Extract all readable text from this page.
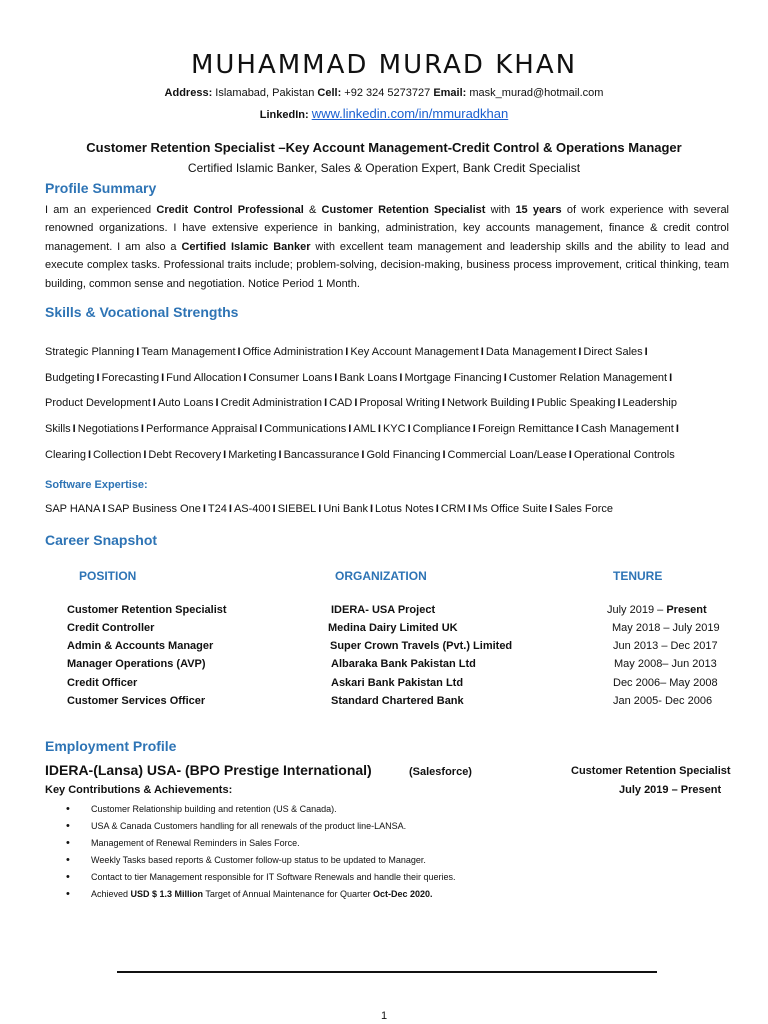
MUHAMMAD MURAD KHAN
Address: Islamabad, Pakistan Cell: +92 324 5273727 Email: mask_murad@hotmail.com
LinkedIn: www.linkedin.com/in/mmuradkhan
Customer Retention Specialist –Key Account Management-Credit Control & Operations Manager
Certified Islamic Banker, Sales & Operation Expert, Bank Credit Specialist
Profile Summary
I am an experienced Credit Control Professional & Customer Retention Specialist with 15 years of work experience with several renowned organizations. I have extensive experience in banking, administration, key accounts management, finance & credit control management. I am also a Certified Islamic Banker with excellent team management and leadership skills and the ability to lead and execute complex tasks. Professional traits include; problem-solving, decision-making, business process improvement, critical thinking, team building, common sense and negotiation. Notice Period 1 Month.
Skills & Vocational Strengths
Strategic Planning I Team Management I Office Administration I Key Account Management I Data Management I Direct Sales I
Budgeting I Forecasting I Fund Allocation I Consumer Loans I Bank Loans I Mortgage Financing I Customer Relation Management I
Product Development I Auto Loans I Credit Administration I CAD I Proposal Writing I Network Building I Public Speaking I Leadership
Skills I Negotiations I Performance Appraisal I Communications I AML I KYC I Compliance I Foreign Remittance I Cash Management I
Clearing I Collection I Debt Recovery I Marketing I Bancassurance I Gold Financing I Commercial Loan/Lease I Operational Controls
Software Expertise:
SAP HANA I SAP Business One I T24 I AS-400 I SIEBEL I Uni Bank I Lotus Notes I CRM I Ms Office Suite I Sales Force
Career Snapshot
POSITION	ORGANIZATION	TENURE
Customer Retention Specialist	IDERA- USA Project	July 2019 – Present
Credit Controller	Medina Dairy Limited UK	May 2018 – July 2019
Admin & Accounts Manager	Super Crown Travels (Pvt.) Limited	Jun 2013 – Dec 2017
Manager Operations (AVP)	Albaraka Bank Pakistan Ltd	May 2008– Jun 2013
Credit Officer	Askari Bank Pakistan Ltd	Dec 2006– May 2008
Customer Services Officer	Standard Chartered Bank	Jan 2005- Dec 2006
Employment Profile
IDERA-(Lansa) USA- (BPO Prestige International)	(Salesforce)	Customer Retention Specialist
Key Contributions & Achievements:	July 2019 – Present
• Customer Relationship building and retention (US & Canada).
• USA & Canada Customers handling for all renewals of the product line-LANSA.
• Management of Renewal Reminders in Sales Force.
• Weekly Tasks based reports & Customer follow-up status to be updated to Manager.
• Contact to tier Management responsible for IT Software Renewals and handle their queries.
• Achieved USD $ 1.3 Million Target of Annual Maintenance for Quarter Oct-Dec 2020.
1
